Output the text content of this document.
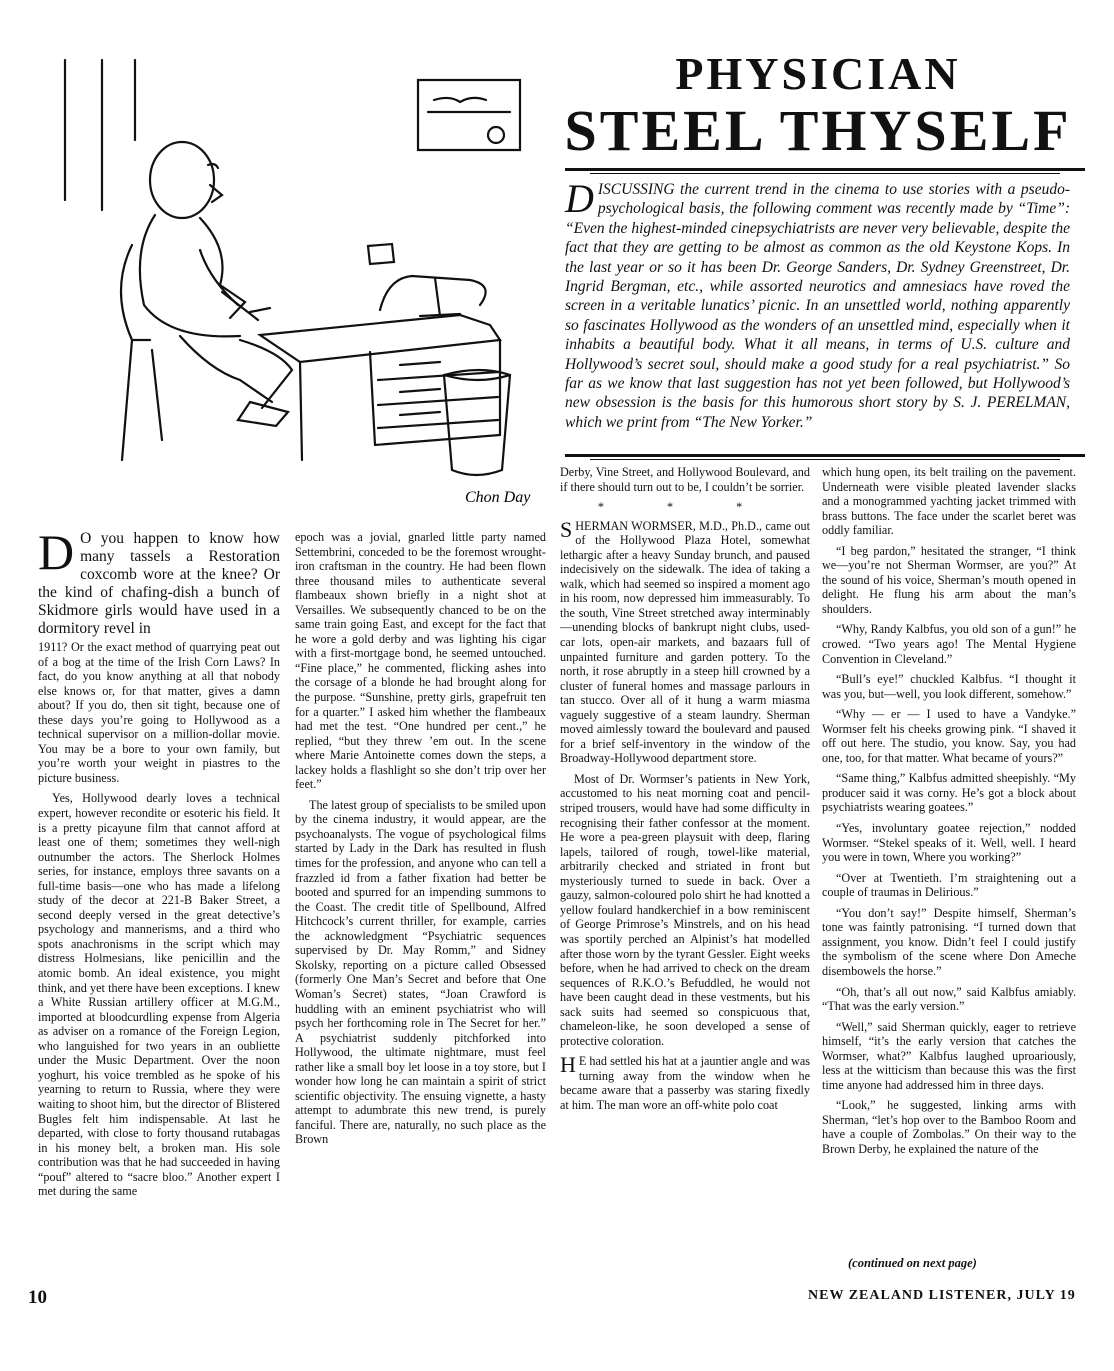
Chon Day
PHYSICIAN
STEEL THYSELF

DISCUSSING the current trend in the cinema to use stories with a pseudo-psychological basis, the following comment was recently made by “Time”: “Even the highest-minded cinepsychiatrists are never very believable, despite the fact that they are getting to be almost as common as the old Keystone Kops. In the last year or so it has been Dr. George Sanders, Dr. Sydney Greenstreet, Dr. Ingrid Bergman, etc., while assorted neurotics and amnesiacs have roved the screen in a veritable lunatics’ picnic. In an unsettled world, nothing apparently so fascinates Hollywood as the wonders of an unsettled mind, especially when it inhabits a beautiful body. What it all means, in terms of U.S. culture and Hollywood’s secret soul, should make a good study for a real psychiatrist.” So far as we know that last suggestion has not yet been followed, but Hollywood’s new obsession is the basis for this humorous short story by S. J. PERELMAN, which we print from “The New Yorker.”

D O you happen to know how many tassels a Restoration coxcomb wore at the knee? Or the kind of chafing-dish a bunch of Skidmore girls would have used in a dormitory revel in

1911? Or the exact method of quarrying peat out of a bog at the time of the Irish Corn Laws? In fact, do you know anything at all that nobody else knows or, for that matter, gives a damn about? If you do, then sit tight, because one of these days you’re going to Hollywood as a technical supervisor on a million-dollar movie. You may be a bore to your own family, but you’re worth your weight in piastres to the picture business.

Yes, Hollywood dearly loves a technical expert, however recondite or esoteric his field. It is a pretty picayune film that cannot afford at least one of them; sometimes they well-nigh outnumber the actors. The Sherlock Holmes series, for instance, employs three savants on a full-time basis—one who has made a lifelong study of the decor at 221-B Baker Street, a second deeply versed in the great detective’s psychology and mannerisms, and a third who spots anachronisms in the script which may distress Holmesians, like penicillin and the atomic bomb. An ideal existence, you might think, and yet there have been exceptions. I knew a White Russian artillery officer at M.G.M., imported at bloodcurdling expense from Algeria as adviser on a romance of the Foreign Legion, who languished for two years in an oubliette under the Music Department. Over the noon yoghurt, his voice trembled as he spoke of his yearning to return to Russia, where they were waiting to shoot him, but the director of Blistered Bugles felt him indispensable. At last he departed, with close to forty thousand rutabagas in his money belt, a broken man. His sole contribution was that he had succeeded in having “pouf” altered to “sacre bloo.” Another expert I met during the same

epoch was a jovial, gnarled little party named Settembrini, conceded to be the foremost wrought-iron craftsman in the country. He had been flown three thousand miles to authenticate several flambeaux shown briefly in a night shot at Versailles. We subsequently chanced to be on the same train going East, and except for the fact that he wore a gold derby and was lighting his cigar with a first-mortgage bond, he seemed untouched. “Fine place,” he commented, flicking ashes into the corsage of a blonde he had brought along for the purpose. “Sunshine, pretty girls, grapefruit ten for a quarter.” I asked him whether the flambeaux had met the test. “One hundred per cent.,” he replied, “but they threw ’em out. In the scene where Marie Antoinette comes down the steps, a lackey holds a flashlight so she don’t trip over her feet.”

The latest group of specialists to be smiled upon by the cinema industry, it would appear, are the psychoanalysts. The vogue of psychological films started by Lady in the Dark has resulted in flush times for the profession, and anyone who can tell a frazzled id from a father fixation had better be booted and spurred for an impending summons to the Coast. The credit title of Spellbound, Alfred Hitchcock’s current thriller, for example, carries the acknowledgment “Psychiatric sequences supervised by Dr. May Romm,” and Sidney Skolsky, reporting on a picture called Obsessed (formerly One Man’s Secret and before that One Woman’s Secret) states, “Joan Crawford is huddling with an eminent psychiatrist who will psych her forthcoming role in The Secret for her.” A psychiatrist suddenly pitchforked into Hollywood, the ultimate nightmare, must feel rather like a small boy let loose in a toy store, but I wonder how long he can maintain a spirit of strict scientific objectivity. The ensuing vignette, a hasty attempt to adumbrate this new trend, is purely fanciful. There are, naturally, no such place as the Brown

Derby, Vine Street, and Hollywood Boulevard, and if there should turn out to be, I couldn’t be sorrier.

* * *

SHERMAN WORMSER, M.D., Ph.D., came out of the Hollywood Plaza Hotel, somewhat lethargic after a heavy Sunday brunch, and paused indecisively on the sidewalk. The idea of taking a walk, which had seemed so inspired a moment ago in his room, now depressed him immeasurably. To the south, Vine Street stretched away interminably—unending blocks of bankrupt night clubs, used-car lots, open-air markets, and bazaars full of unpainted furniture and garden pottery. To the north, it rose abruptly in a steep hill crowned by a cluster of funeral homes and massage parlours in tan stucco. Over all of it hung a warm miasma vaguely suggestive of a steam laundry. Sherman moved aimlessly toward the boulevard and paused for a brief self-inventory in the window of the Broadway-Hollywood department store.

Most of Dr. Wormser’s patients in New York, accustomed to his neat morning coat and pencil-striped trousers, would have had some difficulty in recognising their father confessor at the moment. He wore a pea-green playsuit with deep, flaring lapels, tailored of rough, towel-like material, arbitrarily checked and striated in front but mysteriously turned to suede in back. Over a gauzy, salmon-coloured polo shirt he had knotted a yellow foulard handkerchief in a bow reminiscent of George Primrose’s Minstrels, and on his head was sportily perched an Alpinist’s hat modelled after those worn by the tyrant Gessler. Eight weeks before, when he had arrived to check on the dream sequences of R.K.O.’s Befuddled, he would not have been caught dead in these vestments, but his sack suits had seemed so conspicuous that, chameleon-like, he soon developed a sense of protective coloration.

H E had settled his hat at a jauntier angle and was turning away from the window when he became aware that a passerby was staring fixedly at him. The man wore an off-white polo coat

which hung open, its belt trailing on the pavement. Underneath were visible pleated lavender slacks and a monogrammed yachting jacket trimmed with brass buttons. The face under the scarlet beret was oddly familiar.

“I beg pardon,” hesitated the stranger, “I think we—you’re not Sherman Wormser, are you?” At the sound of his voice, Sherman’s mouth opened in delight. He flung his arm about the man’s shoulders.

“Why, Randy Kalbfus, you old son of a gun!” he crowed. “Two years ago! The Mental Hygiene Convention in Cleveland.”

“Bull’s eye!” chuckled Kalbfus. “I thought it was you, but—well, you look different, somehow.”

“Why — er — I used to have a Vandyke.” Wormser felt his cheeks growing pink. “I shaved it off out here. The studio, you know. Say, you had one, too, for that matter. What became of yours?”

“Same thing,” Kalbfus admitted sheepishly. “My producer said it was corny. He’s got a block about psychiatrists wearing goatees.”

“Yes, involuntary goatee rejection,” nodded Wormser. “Stekel speaks of it. Well, well. I heard you were in town, Where you working?”

“Over at Twentieth. I’m straightening out a couple of traumas in Delirious.”

“You don’t say!” Despite himself, Sherman’s tone was faintly patronising. “I turned down that assignment, you know. Didn’t feel I could justify the symbolism of the scene where Don Ameche disembowels the horse.”

“Oh, that’s all out now,” said Kalbfus amiably. “That was the early version.”

“Well,” said Sherman quickly, eager to retrieve himself, “it’s the early version that catches the Wormser, what?” Kalbfus laughed uproariously, less at the witticism than because this was the first time anyone had addressed him in three days.

“Look,” he suggested, linking arms with Sherman, “let’s hop over to the Bamboo Room and have a couple of Zombolas.” On their way to the Brown Derby, he explained the nature of the

(continued on next page)
10	NEW ZEALAND LISTENER, JULY 19
